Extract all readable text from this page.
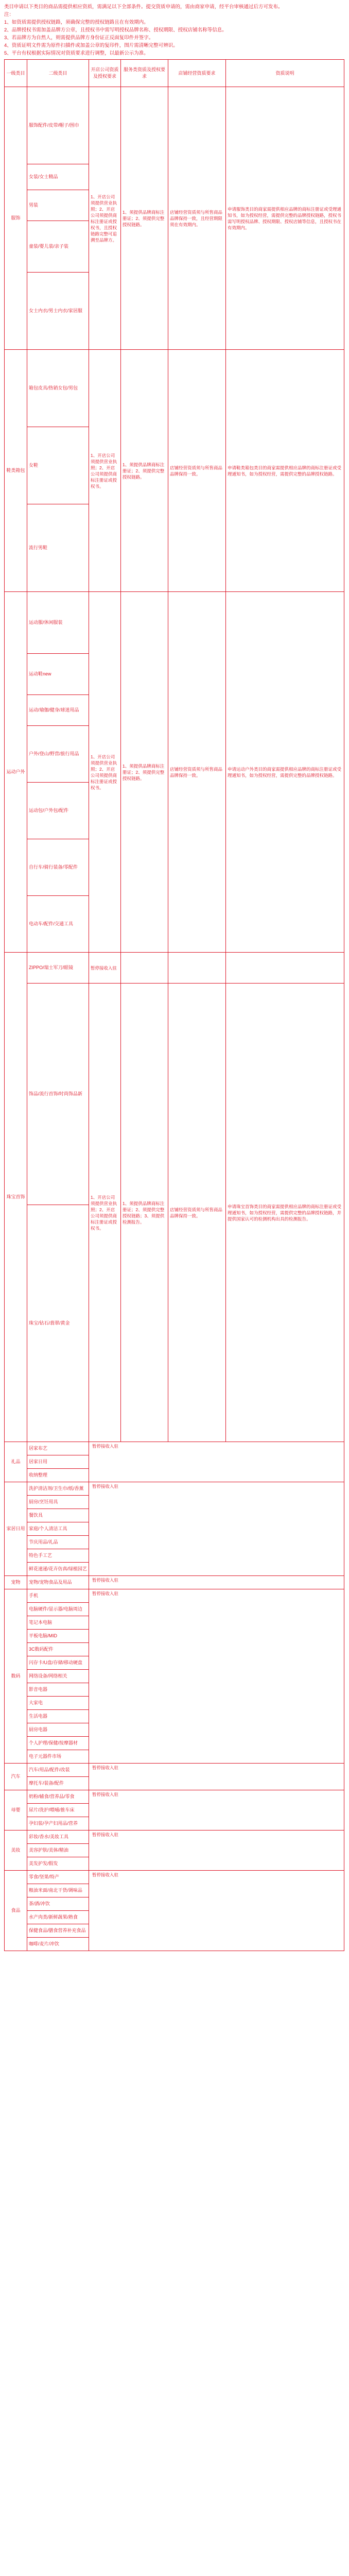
类目申请以下类目的商品需提供相应资质，需满足以下全部条件。提交资质申请的，需由商家申请，经平台审核通过后方可发布。

注：

1、如资质需提供授权链路，须确保完整的授权链路且在有效期内。

2、品牌授权书需加盖品牌方公章，且授权书中需写明授权品牌名称、授权期限、授权店铺名称等信息。

3、若品牌方为自然人，则需提供品牌方身份证正反面复印件并签字。

4、资质证明文件需为原件扫描件或加盖公章的复印件，图片需清晰完整可辨识。

5、平台有权根据实际情况对资质要求进行调整，以最新公示为准。

一级类目	二级类目	开店公司资质及授权要求	服务类资质及授权要求	店铺经营资质要求	资质说明
服饰	服饰配件/皮带/帽子/围巾	1、开店公司须提供营业执照；2、开店公司须提供商标注册证或授权书，且授权链路完整可追溯至品牌方。	1、须提供品牌商标注册证；2、须提供完整授权链路。	店铺经营资质须与所售商品品牌保持一致，且经营期限须在有效期内。	申请服饰类目的商家需提供相应品牌的商标注册证或受理通知书，如为授权经营，需提供完整的品牌授权链路，授权书需写明授权品牌、授权期限、授权店铺等信息，且授权书在有效期内。
	女装/女士精品				
	男装				
	童装/婴儿装/亲子装				
	女士内衣/男士内衣/家居服				
鞋类箱包	箱包皮具/热销女包/男包	1、开店公司须提供营业执照；2、开店公司须提供商标注册证或授权书。	1、须提供品牌商标注册证；2、须提供完整授权链路。	店铺经营资质须与所售商品品牌保持一致。	申请鞋类箱包类目的商家需提供相应品牌的商标注册证或受理通知书，如为授权经营，需提供完整的品牌授权链路。
	女鞋				
	流行男鞋				
运动户外	运动服/休闲服装	1、开店公司须提供营业执照；2、开店公司须提供商标注册证或授权书。	1、须提供品牌商标注册证；2、须提供完整授权链路。	店铺经营资质须与所售商品品牌保持一致。	申请运动户外类目的商家需提供相应品牌的商标注册证或受理通知书，如为授权经营，需提供完整的品牌授权链路。
	运动鞋new				
	运动/瑜伽/健身/球迷用品				
	户外/登山/野营/旅行用品				
	运动包/户外包/配件				
	自行车/骑行装备/零配件				
	电动车/配件/交通工具				
珠宝首饰	ZIPPO/瑞士军刀/眼镜	暂停接收入驻			
	饰品/流行首饰/时尚饰品新	1、开店公司须提供营业执照；2、开店公司须提供商标注册证或授权书。	1、须提供品牌商标注册证；2、须提供完整授权链路；3、须提供检测报告。	店铺经营资质须与所售商品品牌保持一致。	申请珠宝首饰类目的商家需提供相应品牌的商标注册证或受理通知书，如为授权经营，需提供完整的品牌授权链路，并提供国家认可的检测机构出具的检测报告。
	珠宝/钻石/翡翠/黄金				
礼品	居家布艺	暂停接收入驻			
	居家日用				
	收纳整理				
家居日用	洗护清洁剂/卫生巾/纸/香薰	暂停接收入驻			
	厨房/烹饪用具				
	餐饮具				
	家庭/个人清洁工具				
	节庆用品/礼品				
	特色手工艺				
	鲜花速递/花卉仿真/绿植园艺				
宠物	宠物/宠物食品及用品	暂停接收入驻			
数码	手机	暂停接收入驻			
	电脑硬件/显示器/电脑周边				
	笔记本电脑				
	平板电脑/MID				
	3C数码配件				
	闪存卡/U盘/存储/移动硬盘				
	网络设备/网络相关				
	影音电器				
	大家电				
	生活电器				
	厨房电器				
	个人护理/保健/按摩器材				
	电子元器件市场				
汽车	汽车/用品/配件/改装	暂停接收入驻			
	摩托车/装备/配件				
母婴	奶粉/辅食/营养品/零食	暂停接收入驻			
	尿片/洗护/喂哺/推车床				
	孕妇装/孕产妇用品/营养				
美妆	彩妆/香水/美妆工具	暂停接收入驻			
	美容护肤/美体/精油				
	美发护发/假发				
食品	零食/坚果/特产	暂停接收入驻			
	粮油米面/南北干货/调味品				
	茶/酒/冲饮				
	水产肉类/新鲜蔬果/熟食				
	保健食品/膳食营养补充食品				
	咖啡/麦片/冲饮				
